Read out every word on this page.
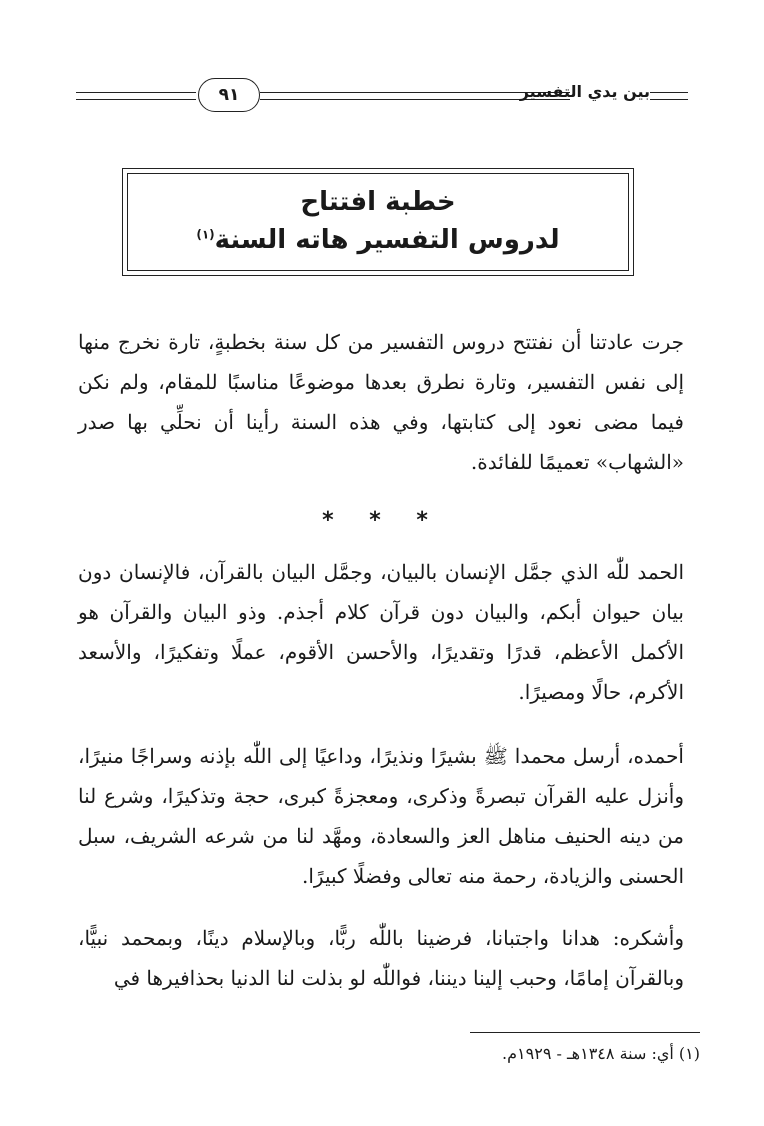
٩١	بين يدي التفسير
خطبة افتتاح
لدروس التفسير هاته السنة$^{(١)}$
جرت عادتنا أن نفتتح دروس التفسير من كل سنة بخطبةٍ، تارة نخرج منها إلى نفس التفسير، وتارة نطرق بعدها موضوعًا مناسبًا للمقام، ولم نكن فيما مضى نعود إلى كتابتها، وفي هذه السنة رأينا أن نحلِّي بها صدر «الشهاب» تعميمًا للفائدة.
* * *
الحمد للّٰه الذي جمَّل الإنسان بالبيان، وجمَّل البيان بالقرآن، فالإنسان دون بيان حيوان أبكم، والبيان دون قرآن كلام أجذم. وذو البيان والقرآن هو الأكمل الأعظم، قدرًا وتقديرًا، والأحسن الأقوم، عملًا وتفكيرًا، والأسعد الأكرم، حالًا ومصيرًا.
أحمده، أرسل محمدا ﷺ بشيرًا ونذيرًا، وداعيًا إلى اللّٰه بإذنه وسراجًا منيرًا، وأنزل عليه القرآن تبصرةً وذكرى، ومعجزةً كبرى، حجة وتذكيرًا، وشرع لنا من دينه الحنيف مناهل العز والسعادة، ومهَّد لنا من شرعه الشريف، سبل الحسنى والزيادة، رحمة منه تعالى وفضلًا كبيرًا.
وأشكره: هدانا واجتبانا، فرضينا باللّٰه ربًّا، وبالإسلام دينًا، وبمحمد نبيًّا، وبالقرآن إمامًا، وحبب إلينا ديننا، فواللّٰه لو بذلت لنا الدنيا بحذافيرها في
(١) أي: سنة ١٣٤٨هـ - ١٩٢٩م.
